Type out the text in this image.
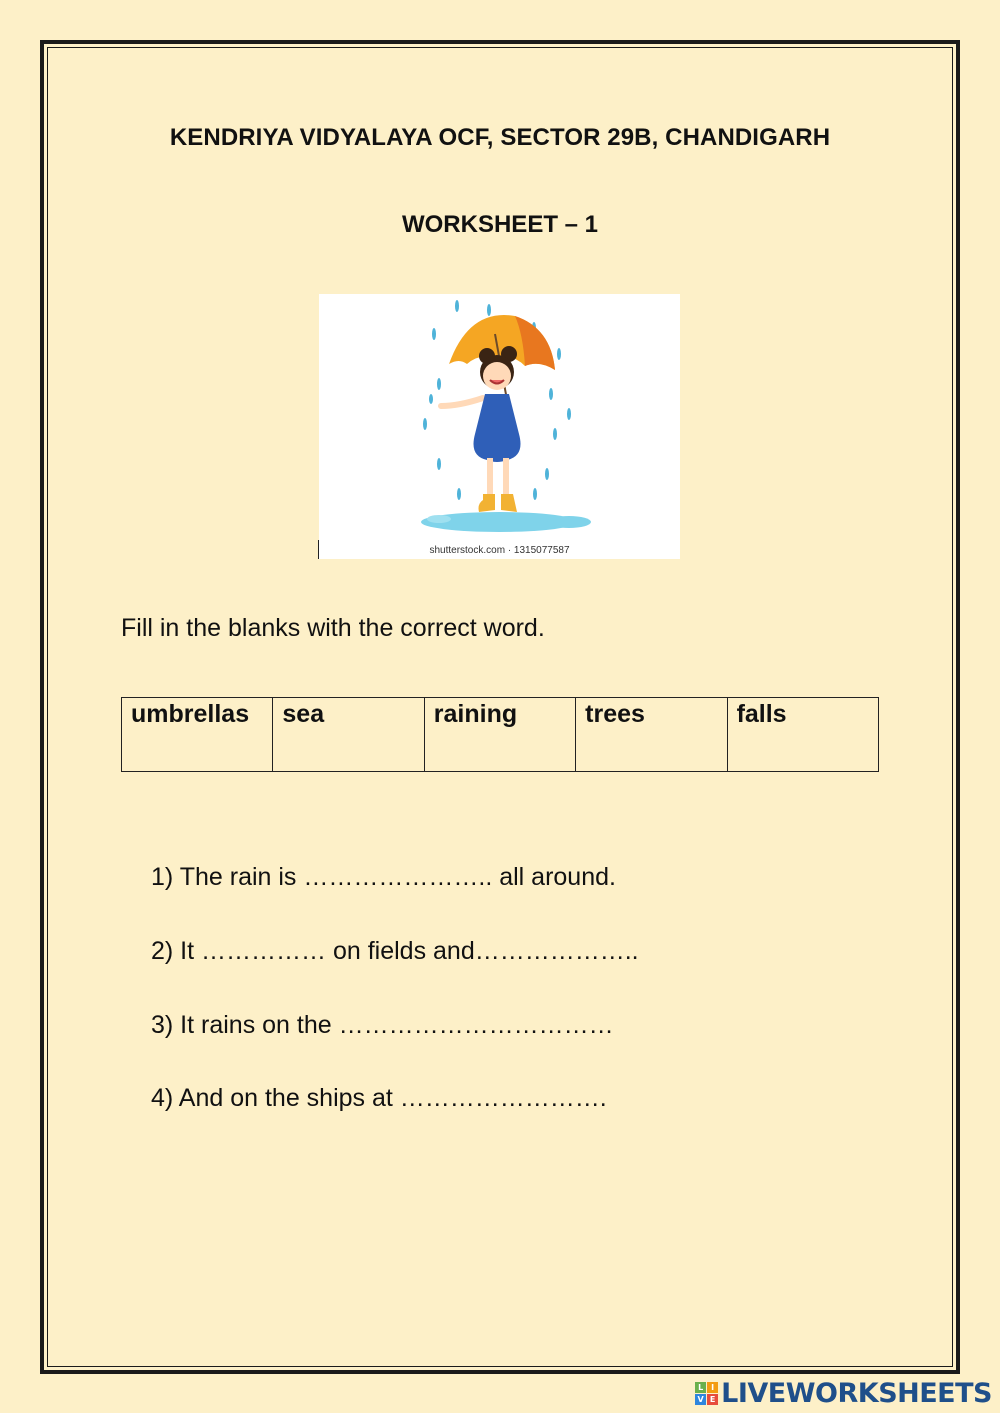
KENDRIYA VIDYALAYA OCF, SECTOR 29B, CHANDIGARH
WORKSHEET – 1
shutterstock.com · 1315077587
Fill in the blanks with the correct word.
umbrellas	sea	raining	trees	falls
1) The rain is ………………….. all around.
2) It …………… on fields and………………..
3) It rains on the ……………………………
4) And on the ships at …………………….
L I
V E LIVEWORKSHEETS
